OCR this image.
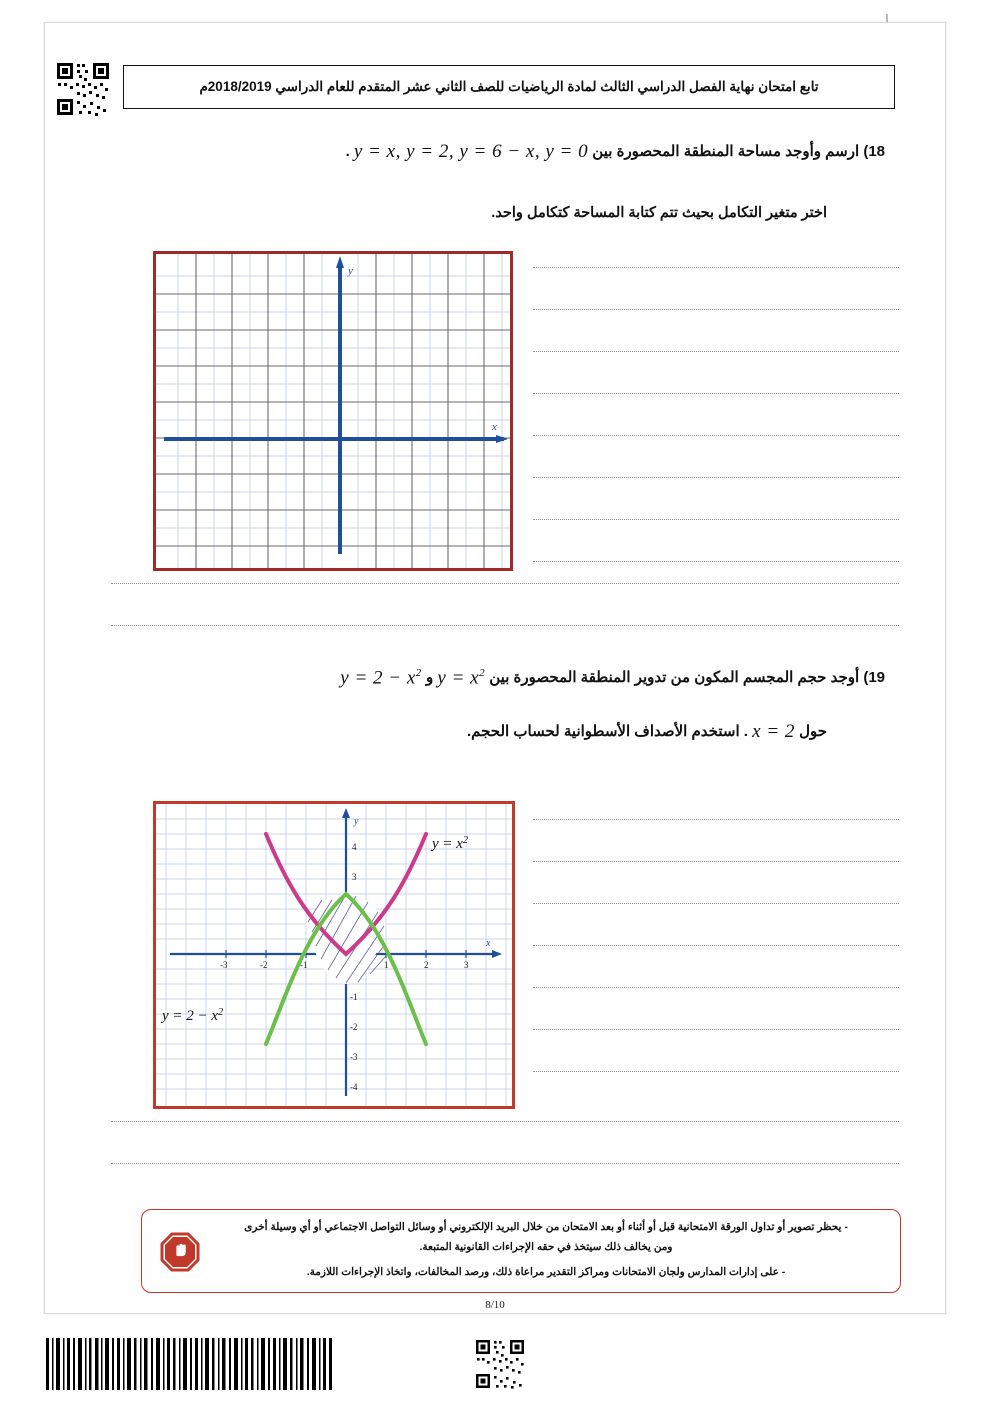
تابع امتحان نهاية الفصل الدراسي الثالث لمادة الرياضيات للصف الثاني عشر المتقدم للعام الدراسي 2018/2019م
18) ارسم وأوجد مساحة المنطقة المحصورة بين y = x, y = 2, y = 6 − x, y = 0 .
اختر متغير التكامل بحيث تتم كتابة المساحة كتكامل واحد.
y
x
19) أوجد حجم المجسم المكون من تدوير المنطقة المحصورة بين $y = x^2$ و $y = 2 - x^2$
حول x = 2 . استخدم الأصداف الأسطوانية لحساب الحجم.
y
x
-3	-2	-1	1	2	3
4
3
-1
-2
-3
-4
$y = x^2$
$y = 2 - x^2$
- يحظر تصوير أو تداول الورقة الامتحانية قبل أو أثناء أو بعد الامتحان من خلال البريد الإلكتروني أو وسائل التواصل الاجتماعي أو أي وسيلة أخرى
ومن يخالف ذلك سيتخذ في حقه الإجراءات القانونية المتبعة.
- على إدارات المدارس ولجان الامتحانات ومراكز التقدير مراعاة ذلك، ورصد المخالفات، واتخاذ الإجراءات اللازمة.
8/10
